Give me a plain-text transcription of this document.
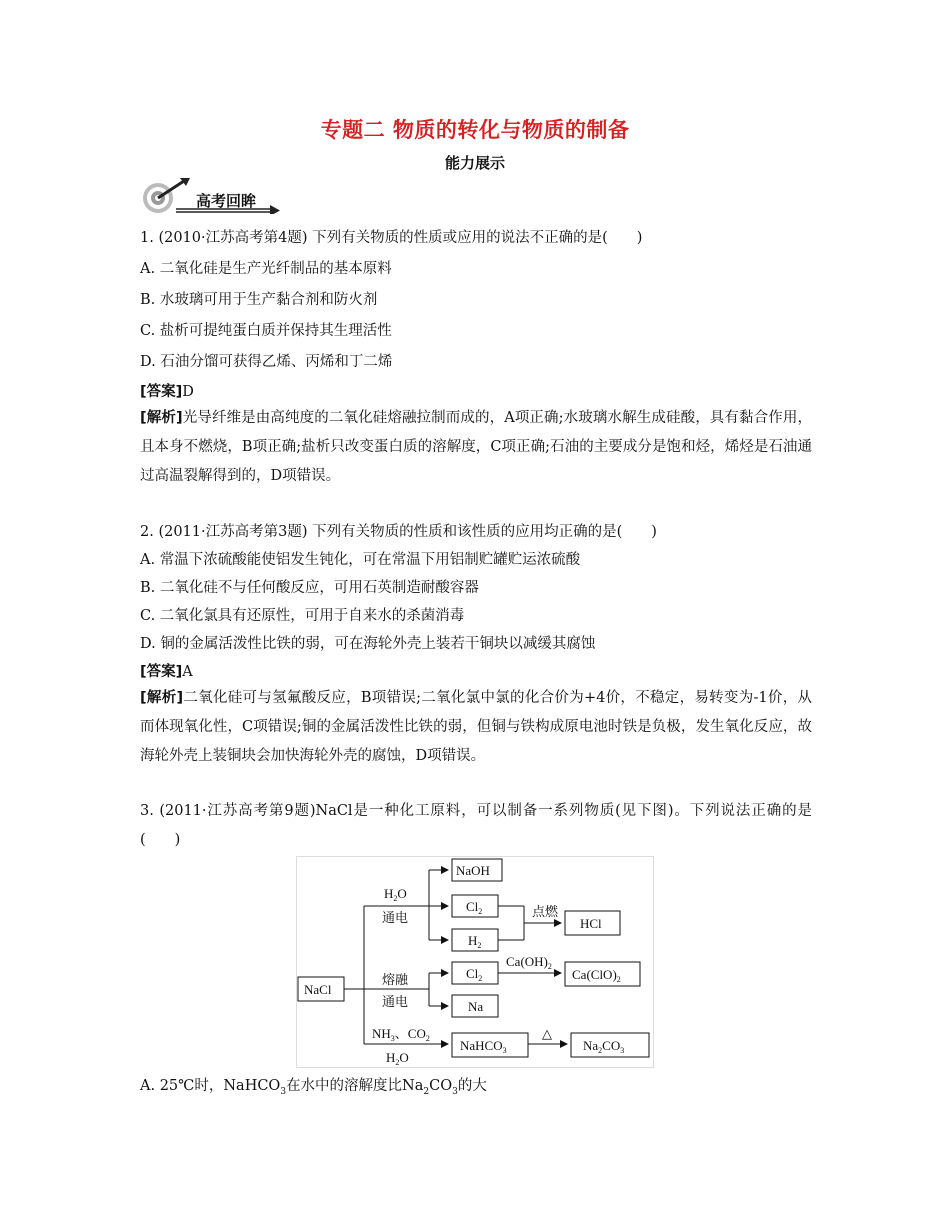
专题二 物质的转化与物质的制备
能力展示
高考回眸
1. (2010·江苏高考第4题) 下列有关物质的性质或应用的说法不正确的是(　　)
A. 二氧化硅是生产光纤制品的基本原料
B. 水玻璃可用于生产黏合剂和防火剂
C. 盐析可提纯蛋白质并保持其生理活性
D. 石油分馏可获得乙烯、丙烯和丁二烯
[答案]D
[解析]光导纤维是由高纯度的二氧化硅熔融拉制而成的，A项正确;水玻璃水解生成硅酸，具有黏合作用，且本身不燃烧，B项正确;盐析只改变蛋白质的溶解度，C项正确;石油的主要成分是饱和烃，烯烃是石油通过高温裂解得到的，D项错误。
2. (2011·江苏高考第3题) 下列有关物质的性质和该性质的应用均正确的是(　　)
A. 常温下浓硫酸能使铝发生钝化，可在常温下用铝制贮罐贮运浓硫酸
B. 二氧化硅不与任何酸反应，可用石英制造耐酸容器
C. 二氧化氯具有还原性，可用于自来水的杀菌消毒
D. 铜的金属活泼性比铁的弱，可在海轮外壳上装若干铜块以减缓其腐蚀
[答案]A
[解析]二氧化硅可与氢氟酸反应，B项错误;二氧化氯中氯的化合价为+4价，不稳定，易转变为-1价，从而体现氧化性，C项错误;铜的金属活泼性比铁的弱，但铜与铁构成原电池时铁是负极，发生氧化反应，故海轮外壳上装铜块会加快海轮外壳的腐蚀，D项错误。
3. (2011·江苏高考第9题)NaCl是一种化工原料，可以制备一系列物质(见下图)。下列说法正确的是(　　)
NaCl
$H_2O$
通电
NaOH
$Cl_2$
$H_2$
点燃
HCl
熔融
通电
$Cl_2$
Na
$Ca(OH)_2$
$Ca(ClO)_2$
$NH_3$、$CO_2$
$H_2O$
NaHCO$_3$
△
$Na_2CO_3$
A. 25℃时，NaHCO$_3$在水中的溶解度比$Na_2CO_3$的大
